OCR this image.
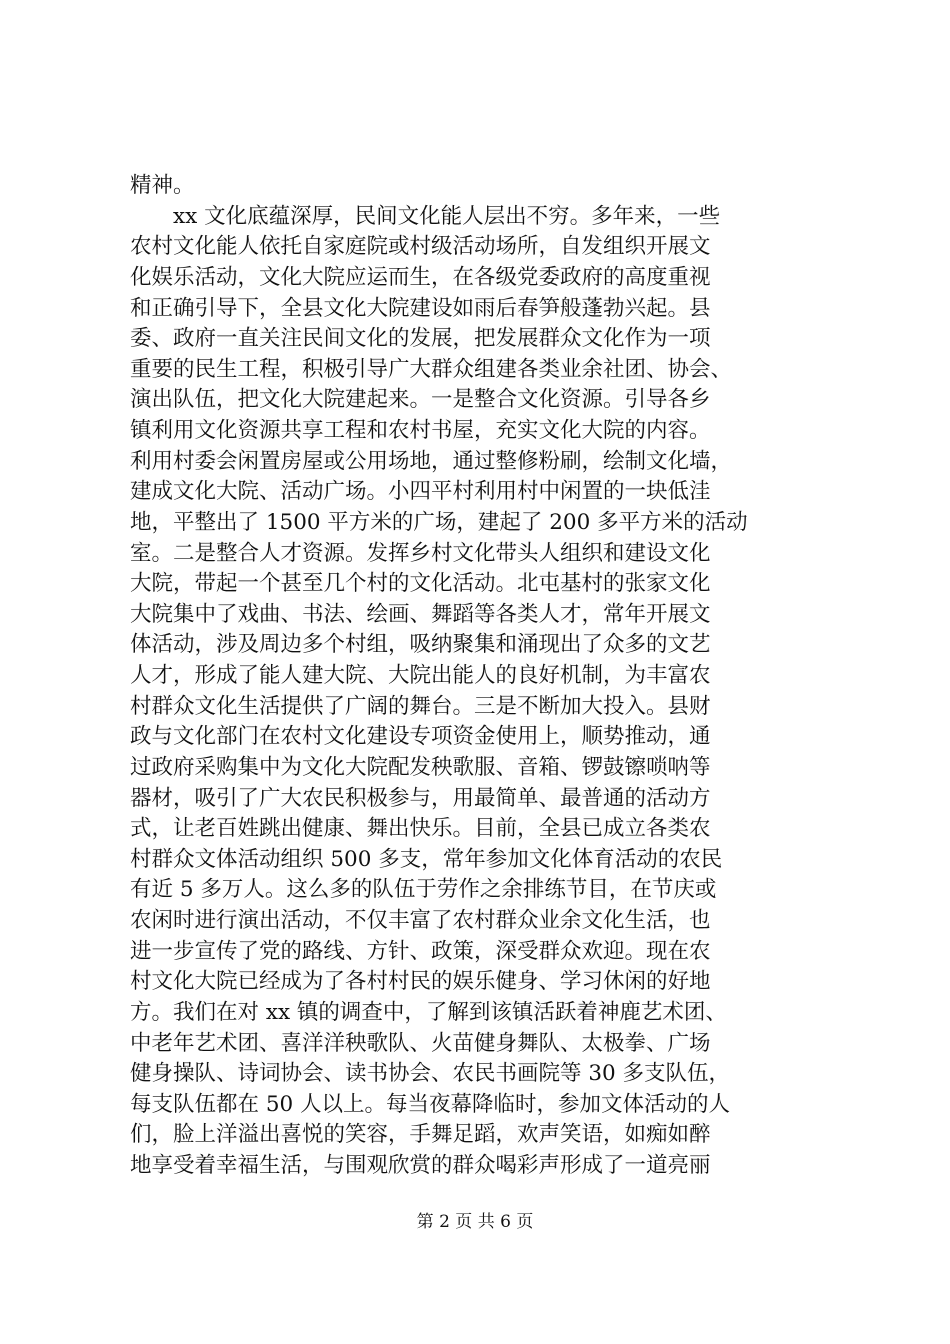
精神。
　　xx 文化底蕴深厚，民间文化能人层出不穷。多年来，一些
农村文化能人依托自家庭院或村级活动场所，自发组织开展文
化娱乐活动，文化大院应运而生，在各级党委政府的高度重视
和正确引导下，全县文化大院建设如雨后春笋般蓬勃兴起。县
委、政府一直关注民间文化的发展，把发展群众文化作为一项
重要的民生工程，积极引导广大群众组建各类业余社团、协会、
演出队伍，把文化大院建起来。一是整合文化资源。引导各乡
镇利用文化资源共享工程和农村书屋，充实文化大院的内容。
利用村委会闲置房屋或公用场地，通过整修粉刷，绘制文化墙，
建成文化大院、活动广场。小四平村利用村中闲置的一块低洼
地，平整出了 1500 平方米的广场，建起了 200 多平方米的活动
室。二是整合人才资源。发挥乡村文化带头人组织和建设文化
大院，带起一个甚至几个村的文化活动。北屯基村的张家文化
大院集中了戏曲、书法、绘画、舞蹈等各类人才，常年开展文
体活动，涉及周边多个村组，吸纳聚集和涌现出了众多的文艺
人才，形成了能人建大院、大院出能人的良好机制，为丰富农
村群众文化生活提供了广阔的舞台。三是不断加大投入。县财
政与文化部门在农村文化建设专项资金使用上，顺势推动，通
过政府采购集中为文化大院配发秧歌服、音箱、锣鼓镲唢呐等
器材，吸引了广大农民积极参与，用最简单、最普通的活动方
式，让老百姓跳出健康、舞出快乐。目前，全县已成立各类农
村群众文体活动组织 500 多支，常年参加文化体育活动的农民
有近 5 多万人。这么多的队伍于劳作之余排练节目，在节庆或
农闲时进行演出活动，不仅丰富了农村群众业余文化生活，也
进一步宣传了党的路线、方针、政策，深受群众欢迎。现在农
村文化大院已经成为了各村村民的娱乐健身、学习休闲的好地
方。我们在对 xx 镇的调查中，了解到该镇活跃着神鹿艺术团、
中老年艺术团、喜洋洋秧歌队、火苗健身舞队、太极拳、广场
健身操队、诗词协会、读书协会、农民书画院等 30 多支队伍，
每支队伍都在 50 人以上。每当夜幕降临时，参加文体活动的人
们，脸上洋溢出喜悦的笑容，手舞足蹈，欢声笑语，如痴如醉
地享受着幸福生活，与围观欣赏的群众喝彩声形成了一道亮丽
第 2 页 共 6 页
